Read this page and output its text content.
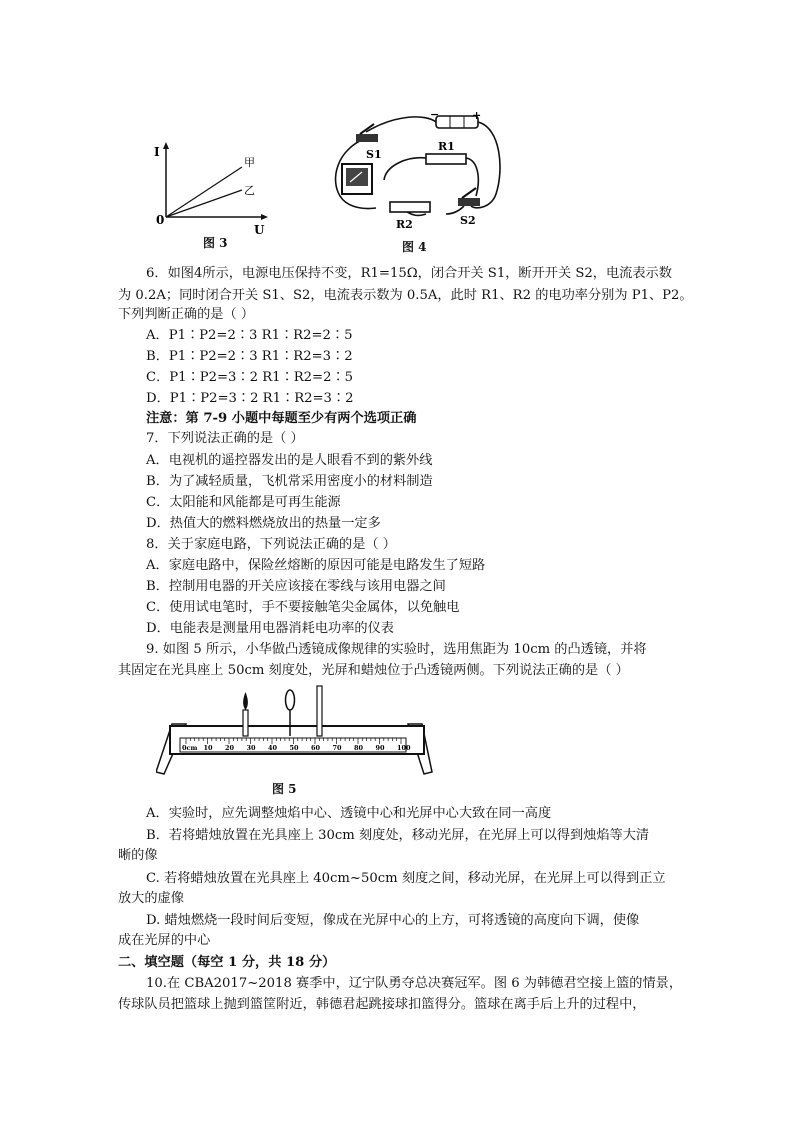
I
U
0
甲
乙
图 3
−	+
S1
R1
R2	S2
图 4
6．如图4所示，电源电压保持不变，R1=15Ω，闭合开关 S1，断开开关 S2，电流表示数
为 0.2A；同时闭合开关 S1、S2，电流表示数为 0.5A，此时 R1、R2 的电功率分别为 P1、P2。
下列判断正确的是（ ）
A．P1∶P2=2∶3 R1∶R2=2∶5
B．P1∶P2=2∶3 R1∶R2=3∶2
C．P1∶P2=3∶2 R1∶R2=2∶5
D．P1∶P2=3∶2 R1∶R2=3∶2
注意：第 7-9 小题中每题至少有两个选项正确
7．下列说法正确的是（ ）
A．电视机的遥控器发出的是人眼看不到的紫外线
B．为了减轻质量，飞机常采用密度小的材料制造
C．太阳能和风能都是可再生能源
D．热值大的燃料燃烧放出的热量一定多
8．关于家庭电路，下列说法正确的是（ ）
A．家庭电路中，保险丝熔断的原因可能是电路发生了短路
B．控制用电器的开关应该接在零线与该用电器之间
C．使用试电笔时，手不要接触笔尖金属体，以免触电
D．电能表是测量用电器消耗电功率的仪表
9. 如图 5 所示，小华做凸透镜成像规律的实验时，选用焦距为 10cm 的凸透镜，并将
其固定在光具座上 50cm 刻度处，光屏和蜡烛位于凸透镜两侧。下列说法正确的是（ ）
0cm 10 20 30 40 50 60 70 80 90 100
图 5
A．实验时，应先调整烛焰中心、透镜中心和光屏中心大致在同一高度
B．若将蜡烛放置在光具座上 30cm 刻度处，移动光屏，在光屏上可以得到烛焰等大清
晰的像
C. 若将蜡烛放置在光具座上 40cm~50cm 刻度之间，移动光屏，在光屏上可以得到正立
放大的虚像
D. 蜡烛燃烧一段时间后变短，像成在光屏中心的上方，可将透镜的高度向下调，使像
成在光屏的中心
二、填空题（每空 1 分，共 18 分）
10.在 CBA2017~2018 赛季中，辽宁队勇夺总决赛冠军。图 6 为韩德君空接上篮的情景，
传球队员把篮球上抛到篮筐附近，韩德君起跳接球扣篮得分。篮球在离手后上升的过程中，
